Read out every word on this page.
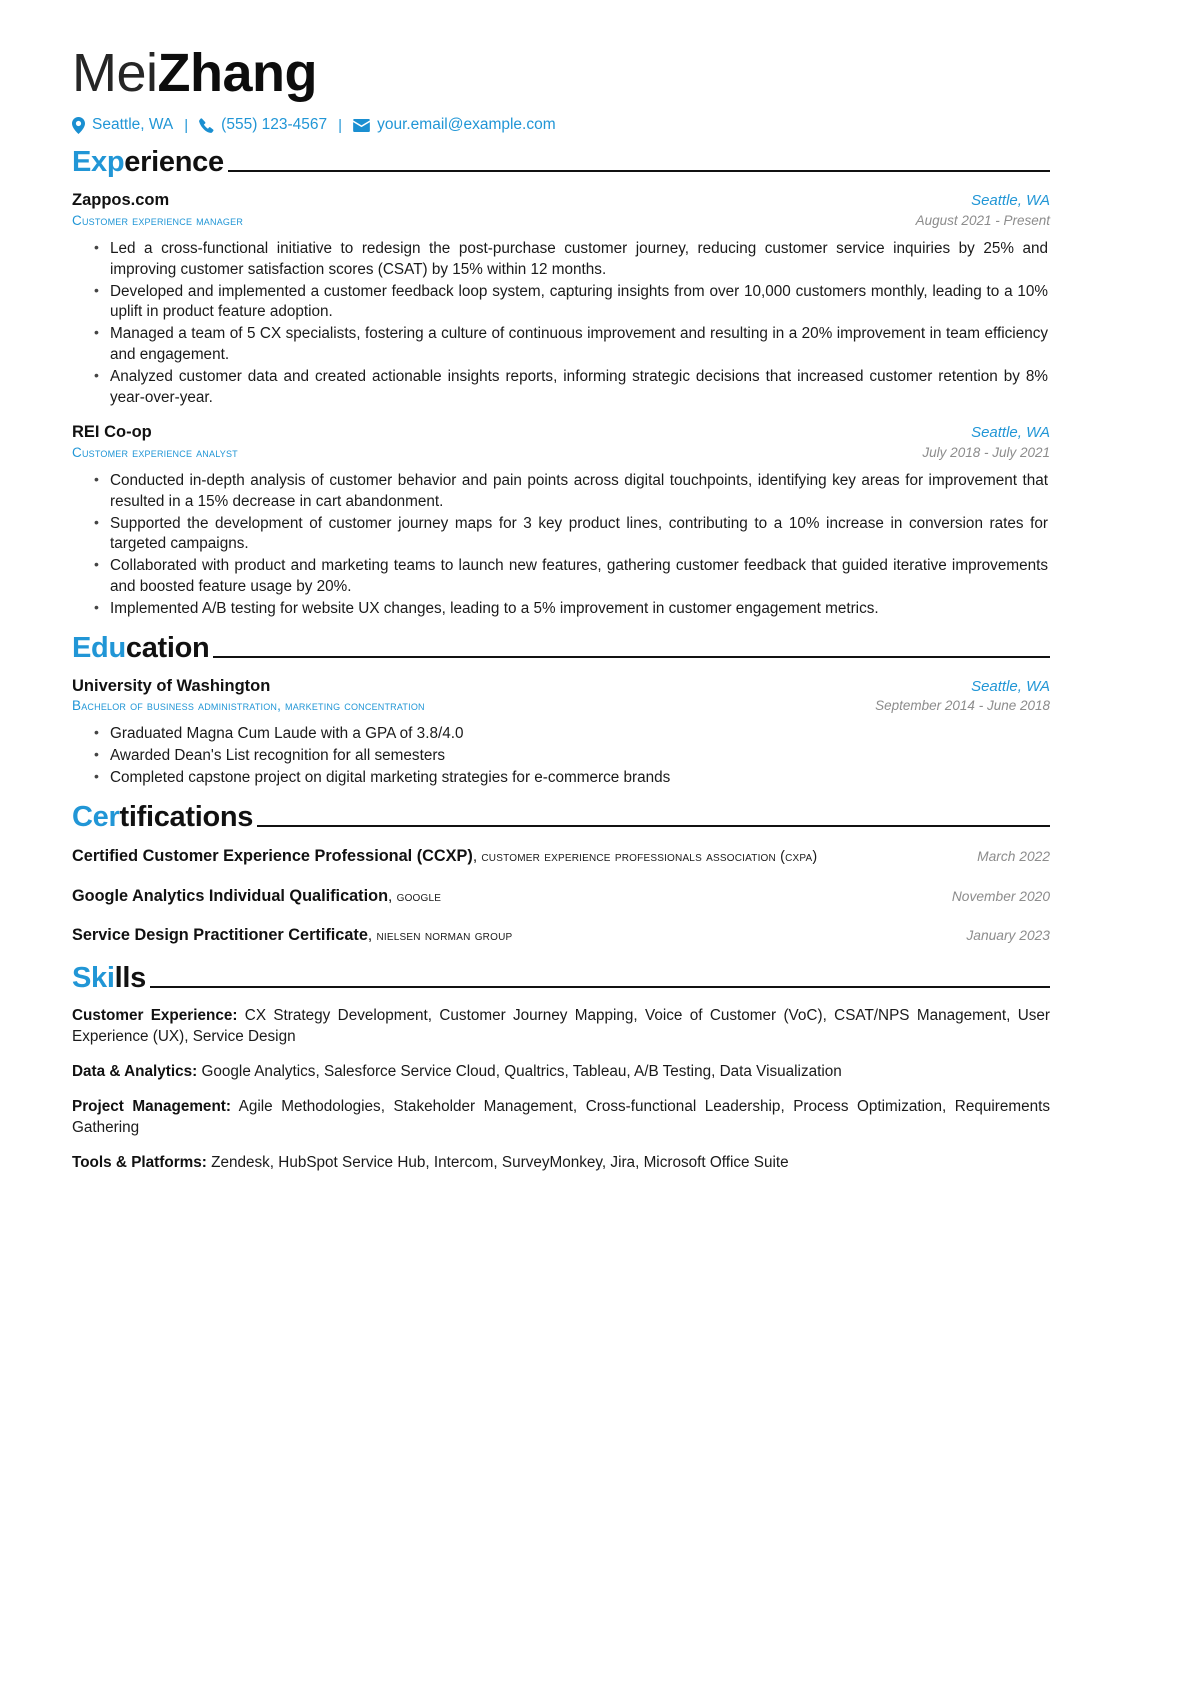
MeiZhang
Seattle, WA |	(555) 123-4567 |	your.email@example.com
Experience
Zappos.com	Seattle, WA
Customer experience manager	August 2021 - Present
• Led a cross-functional initiative to redesign the post-purchase customer journey, reducing customer service inquiries by 25% and improving customer satisfaction scores (CSAT) by 15% within 12 months.
• Developed and implemented a customer feedback loop system, capturing insights from over 10,000 customers monthly, leading to a 10% uplift in product feature adoption.
• Managed a team of 5 CX specialists, fostering a culture of continuous improvement and resulting in a 20% improvement in team efficiency and engagement.
• Analyzed customer data and created actionable insights reports, informing strategic decisions that increased customer retention by 8% year-over-year.
REI Co-op	Seattle, WA
Customer experience analyst	July 2018 - July 2021
• Conducted in-depth analysis of customer behavior and pain points across digital touchpoints, identifying key areas for improvement that resulted in a 15% decrease in cart abandonment.
• Supported the development of customer journey maps for 3 key product lines, contributing to a 10% increase in conversion rates for targeted campaigns.
• Collaborated with product and marketing teams to launch new features, gathering customer feedback that guided iterative improvements and boosted feature usage by 20%.
• Implemented A/B testing for website UX changes, leading to a 5% improvement in customer engagement metrics.
Education
University of Washington	Seattle, WA
Bachelor of business administration, marketing concentration	September 2014 - June 2018
• Graduated Magna Cum Laude with a GPA of 3.8/4.0
• Awarded Dean's List recognition for all semesters
• Completed capstone project on digital marketing strategies for e-commerce brands
Certifications
Certified Customer Experience Professional (CCXP), customer experience professionals association (cxpa)	March 2022
Google Analytics Individual Qualification, google	November 2020
Service Design Practitioner Certificate, nielsen norman group	January 2023
Skills
Customer Experience: CX Strategy Development, Customer Journey Mapping, Voice of Customer (VoC), CSAT/NPS Management, User Experience (UX), Service Design
Data & Analytics: Google Analytics, Salesforce Service Cloud, Qualtrics, Tableau, A/B Testing, Data Visualization
Project Management: Agile Methodologies, Stakeholder Management, Cross-functional Leadership, Process Optimization, Requirements Gathering
Tools & Platforms: Zendesk, HubSpot Service Hub, Intercom, SurveyMonkey, Jira, Microsoft Office Suite
